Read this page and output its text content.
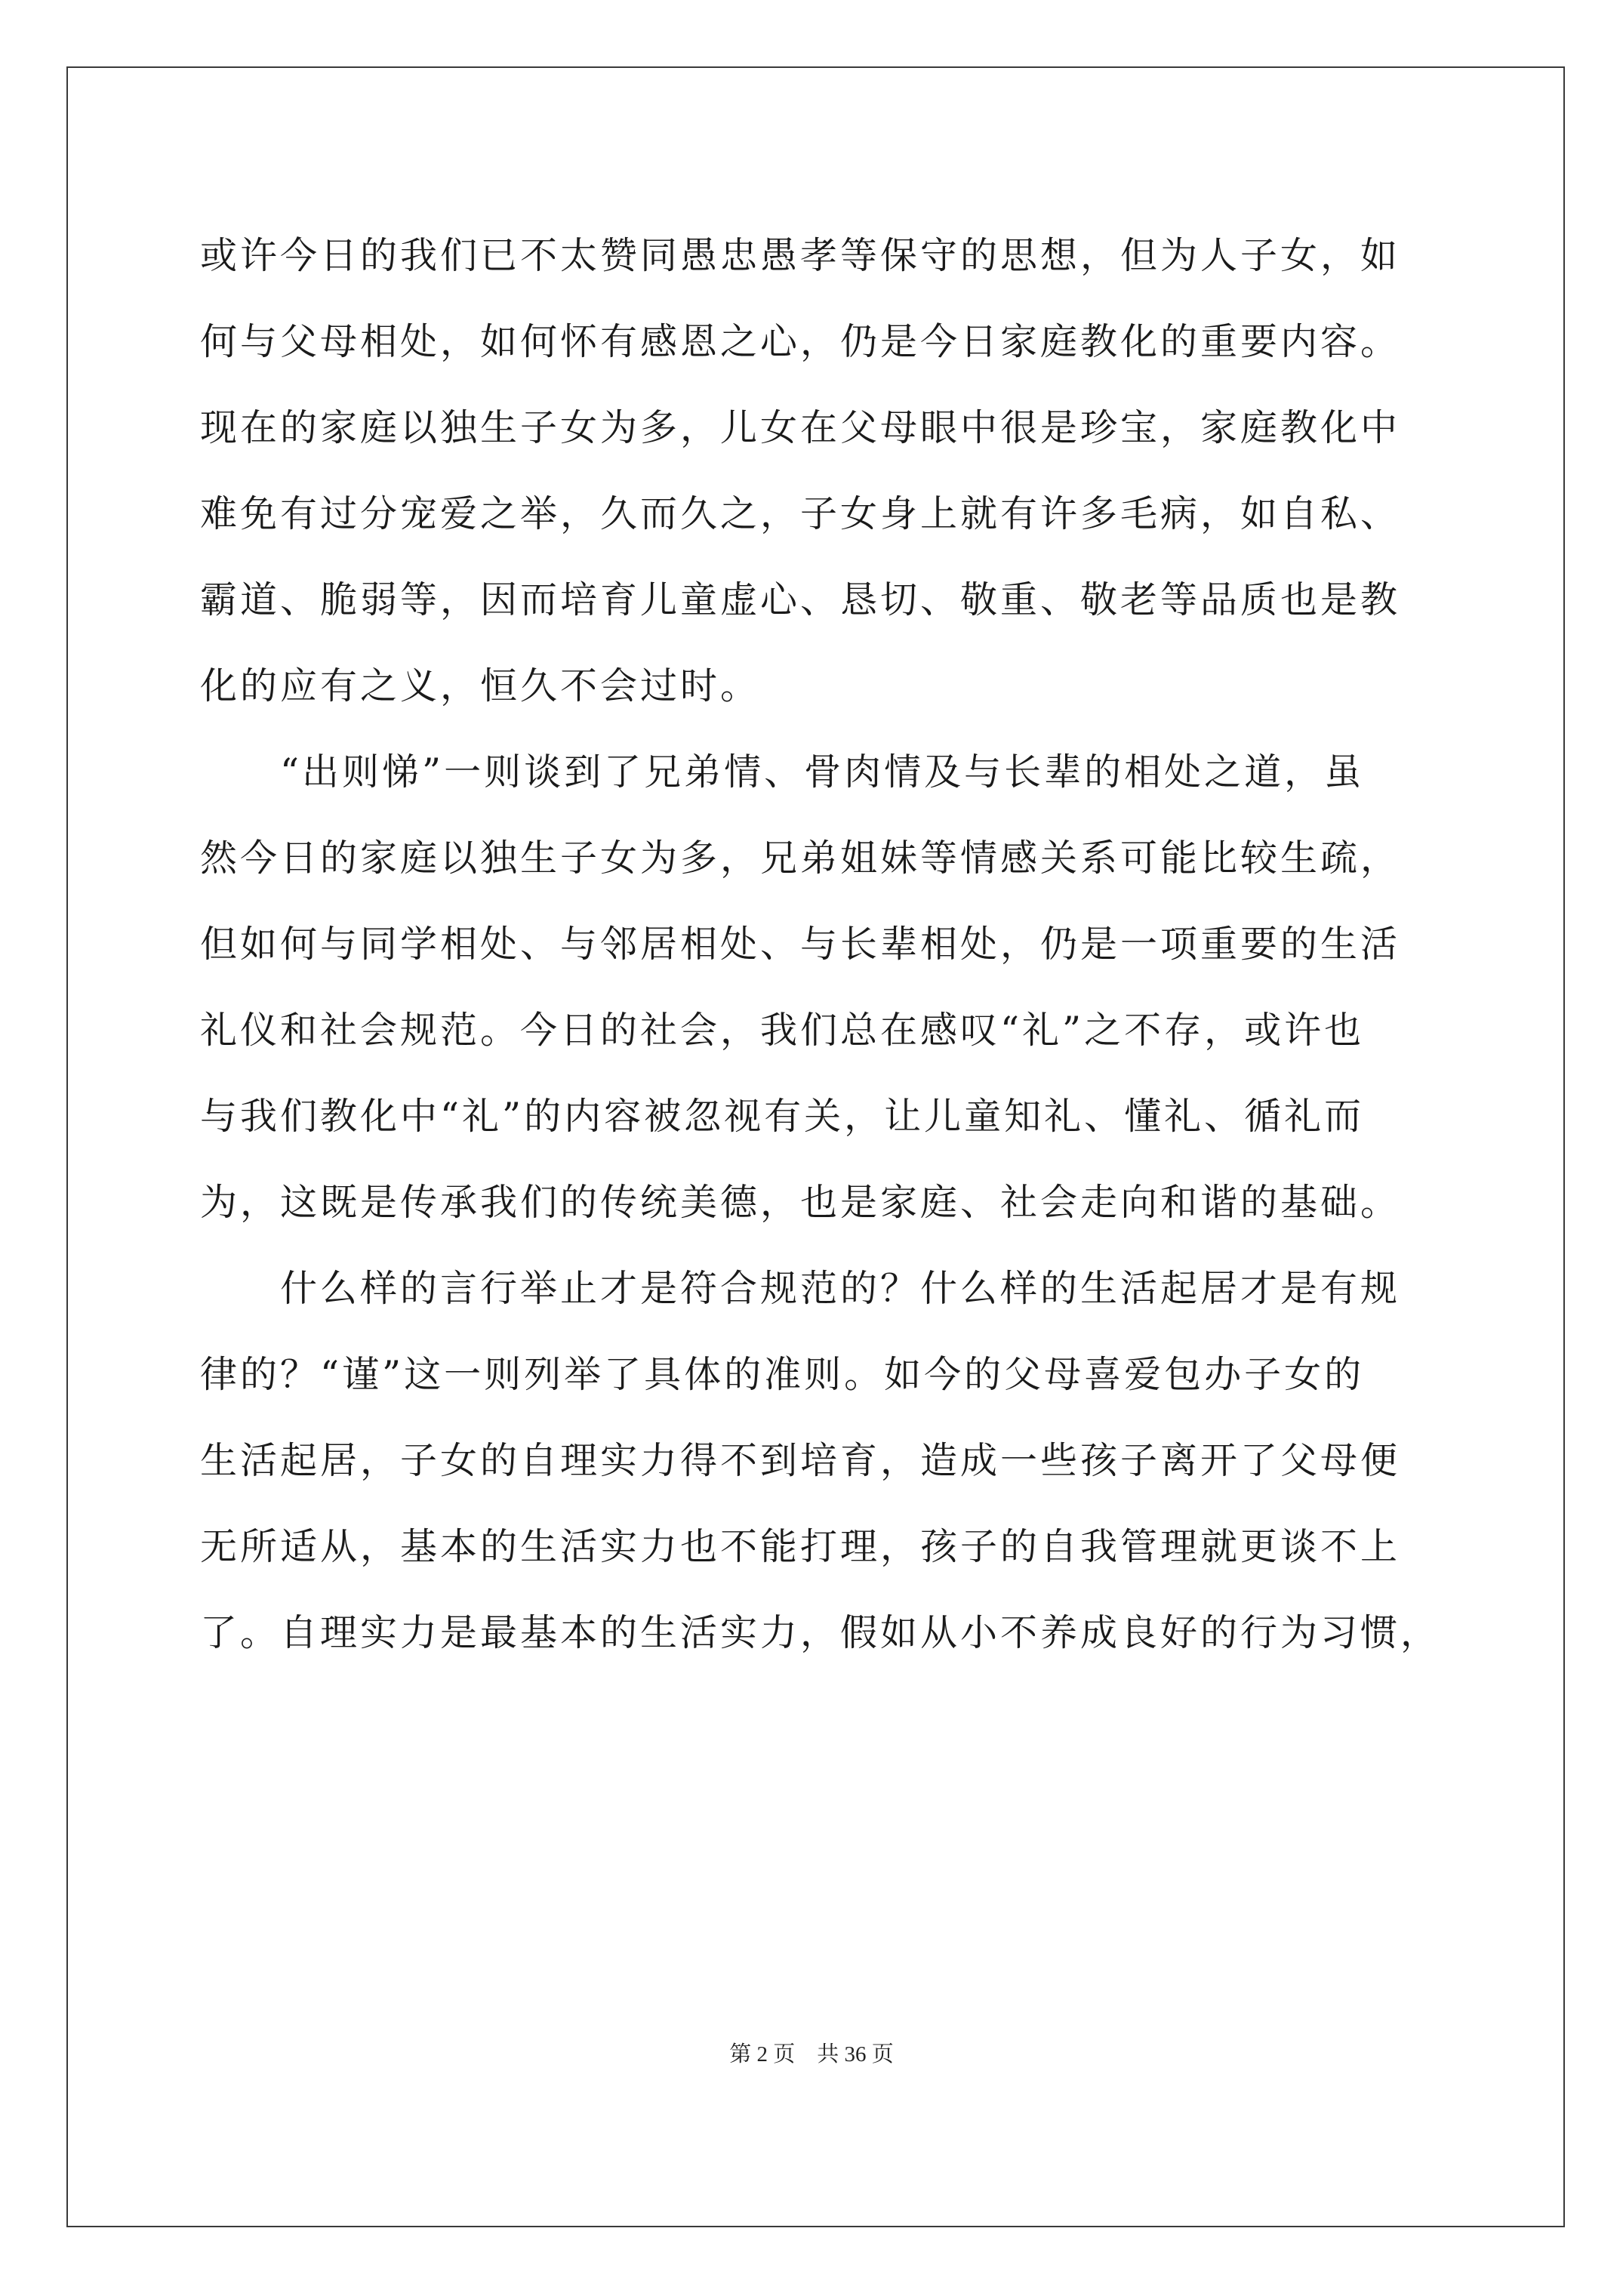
或许今日的我们已不太赞同愚忠愚孝等保守的思想，但为人子女，如
何与父母相处，如何怀有感恩之心，仍是今日家庭教化的重要内容。
现在的家庭以独生子女为多，儿女在父母眼中很是珍宝，家庭教化中
难免有过分宠爱之举，久而久之，子女身上就有许多毛病，如自私、
霸道、脆弱等，因而培育儿童虚心、恳切、敬重、敬老等品质也是教
化的应有之义，恒久不会过时。
　　“出则悌”一则谈到了兄弟情、骨肉情及与长辈的相处之道，虽
然今日的家庭以独生子女为多，兄弟姐妹等情感关系可能比较生疏，
但如何与同学相处、与邻居相处、与长辈相处，仍是一项重要的生活
礼仪和社会规范。今日的社会，我们总在感叹“礼”之不存，或许也
与我们教化中“礼”的内容被忽视有关，让儿童知礼、懂礼、循礼而
为，这既是传承我们的传统美德，也是家庭、社会走向和谐的基础。
　　什么样的言行举止才是符合规范的？什么样的生活起居才是有规
律的？“谨”这一则列举了具体的准则。如今的父母喜爱包办子女的
生活起居，子女的自理实力得不到培育，造成一些孩子离开了父母便
无所适从，基本的生活实力也不能打理，孩子的自我管理就更谈不上
了。自理实力是最基本的生活实力，假如从小不养成良好的行为习惯，
第 2 页　共 36 页
